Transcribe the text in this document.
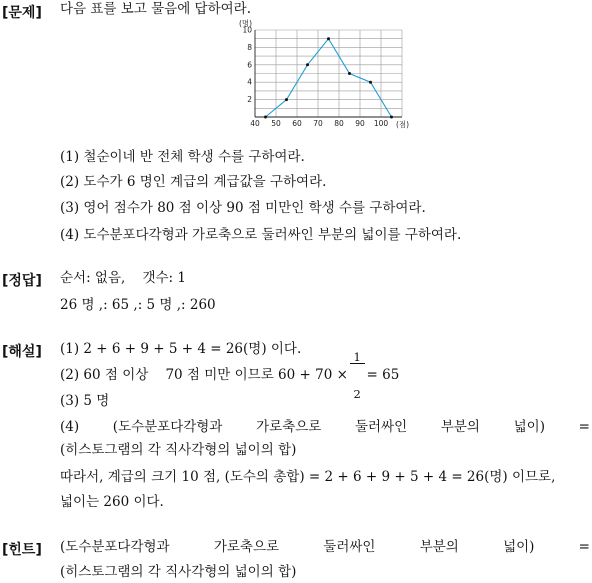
[문제] 다음 표를 보고 물음에 답하여라.
2
4
6
8
10
40 50 60 70 80 90 100
(명)
(점)
(1) 철순이네 반 전체 학생 수를 구하여라.
(2) 도수가 6 명인 계급의 계급값을 구하여라.
(3) 영어 점수가 80 점 이상 90 점 미만인 학생 수를 구하여라.
(4) 도수분포다각형과 가로축으로 둘러싸인 부분의 넓이를 구하여라.
[정답] 순서: 없음,    갯수: 1
26 명 ,: 65 ,: 5 명 ,: 260
[해설] (1) 2 + 6 + 9 + 5 + 4 = 26(명) 이다.
(2) 60 점 이상    70 점 미만 이므로 60 + 70 ×

$\frac{1}{2}$

= 65
(3) 5 명
(4) (도수분포다각형과 가로축으로 둘러싸인 부분의 넓이) =
(히스토그램의 각 직사각형의 넓이의 합)
따라서, 계급의 크기 10 점, (도수의 총합) = 2 + 6 + 9 + 5 + 4 = 26(명) 이므로,
넓이는 260 이다.
[힌트] (도수분포다각형과	가로축으로	둘러싸인	부분의	넓이)	=
(히스토그램의 각 직사각형의 넓이의 합)
